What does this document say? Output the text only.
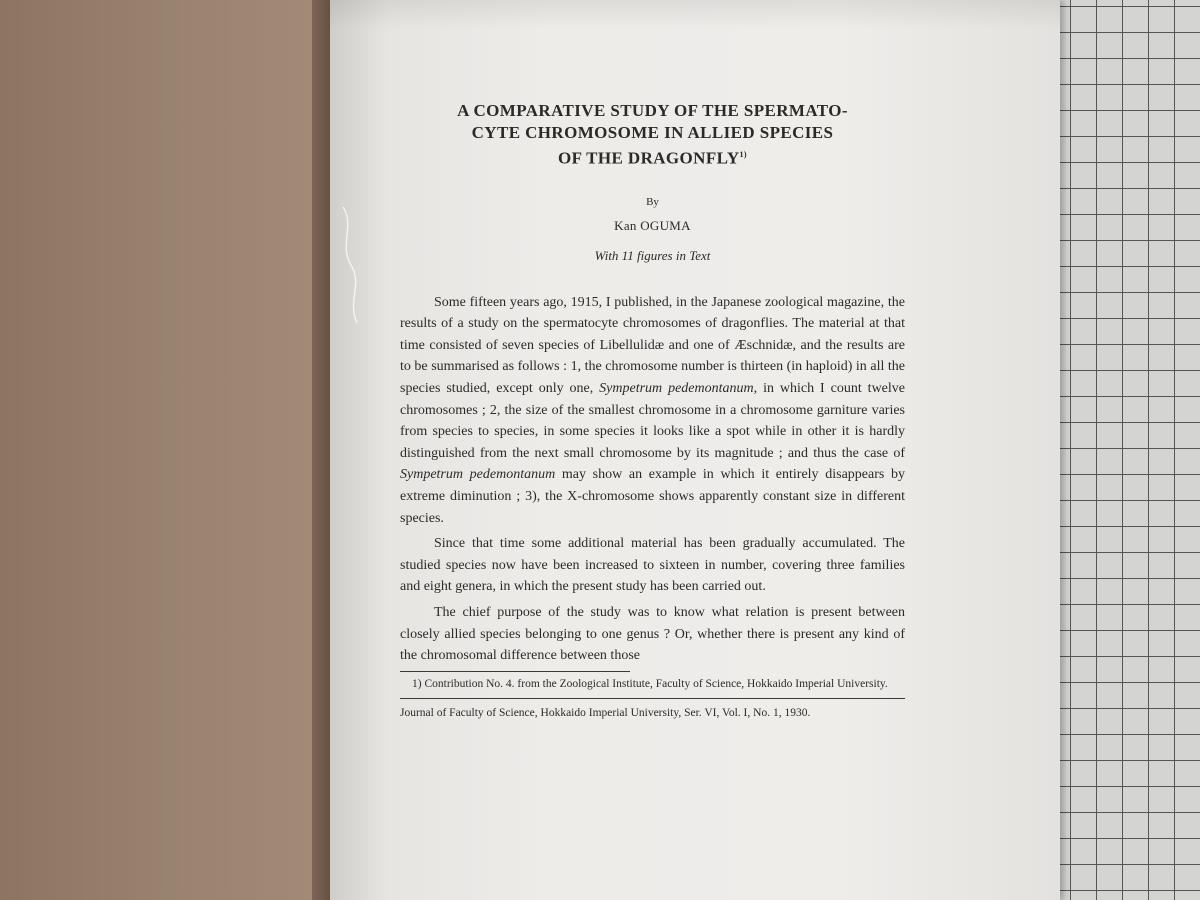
A COMPARATIVE STUDY OF THE SPERMATO-
CYTE CHROMOSOME IN ALLIED SPECIES
OF THE DRAGONFLY$^{1)}$
By
Kan OGUMA
With 11 figures in Text

Some fifteen years ago, 1915, I published, in the Japanese zoological magazine, the results of a study on the spermatocyte chromosomes of dragonflies. The material at that time consisted of seven species of Libellulidæ and one of Æschnidæ, and the results are to be summarised as follows : 1, the chromosome number is thirteen (in haploid) in all the species studied, except only one, Sympetrum pedemontanum, in which I count twelve chromosomes ; 2, the size of the smallest chromosome in a chromosome garniture varies from species to species, in some species it looks like a spot while in other it is hardly distinguished from the next small chromosome by its magnitude ; and thus the case of Sympetrum pedemontanum may show an example in which it entirely disappears by extreme diminution ; 3), the X-chromosome shows apparently constant size in different species.

Since that time some additional material has been gradually accumulated. The studied species now have been increased to sixteen in number, covering three families and eight genera, in which the present study has been carried out.

The chief purpose of the study was to know what relation is present between closely allied species belonging to one genus ? Or, whether there is present any kind of the chromosomal difference between those

1) Contribution No. 4. from the Zoological Institute, Faculty of Science, Hokkaido Imperial University.
Journal of Faculty of Science, Hokkaido Imperial University, Ser. VI, Vol. I, No. 1, 1930.
